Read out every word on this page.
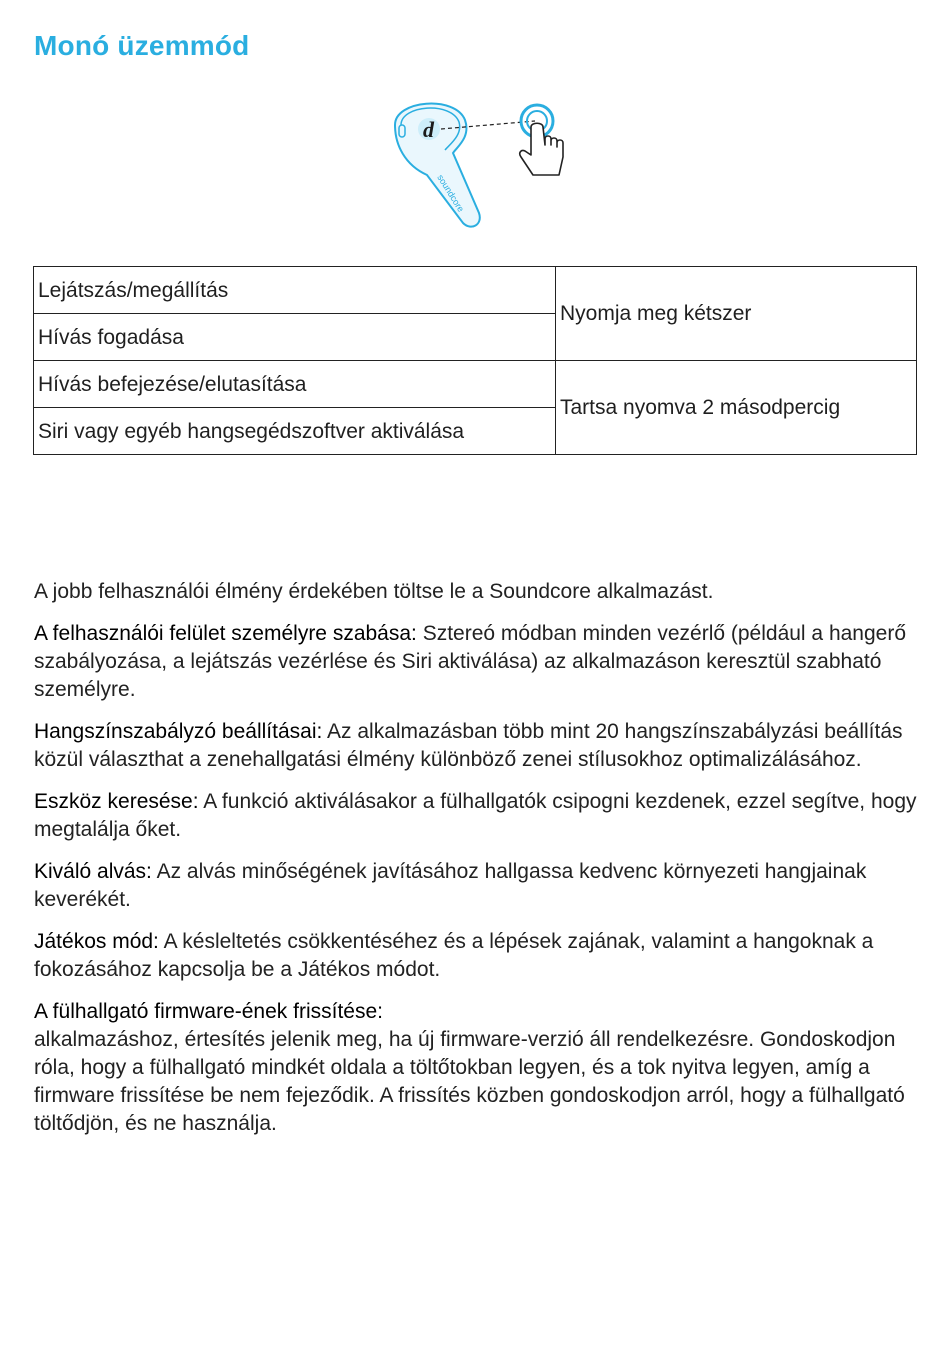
Monó üzemmód
d
soundcore
Lejátszás/megállítás	Nyomja meg kétszer
Hívás fogadása	
Hívás befejezése/elutasítása	Tartsa nyomva 2 másodpercig
Siri vagy egyéb hangsegédszoftver aktiválása	

A jobb felhasználói élmény érdekében töltse le a Soundcore alkalmazást.

A felhasználói felület személyre szabása: Sztereó módban minden vezérlő (például a hangerő szabályozása, a lejátszás vezérlése és Siri aktiválása) az alkalmazáson keresztül szabható személyre.

Hangszínszabályzó beállításai: Az alkalmazásban több mint 20 hangszínszabályzási beállítás közül választhat a zenehallgatási élmény különböző zenei stílusokhoz optimalizálásához.

Eszköz keresése: A funkció aktiválásakor a fülhallgatók csipogni kezdenek, ezzel segítve, hogy megtalálja őket.

Kiváló alvás: Az alvás minőségének javításához hallgassa kedvenc környezeti hangjainak keverékét.

Játékos mód: A késleltetés csökkentéséhez és a lépések zajának, valamint a hangoknak a fokozásához kapcsolja be a Játékos módot.

A fülhallgató firmware-ének frissítése:
alkalmazáshoz, értesítés jelenik meg, ha új firmware-verzió áll rendelkezésre. Gondoskodjon róla, hogy a fülhallgató mindkét oldala a töltőtokban legyen, és a tok nyitva legyen, amíg a firmware frissítése be nem fejeződik. A frissítés közben gondoskodjon arról, hogy a fülhallgató töltődjön, és ne használja.
